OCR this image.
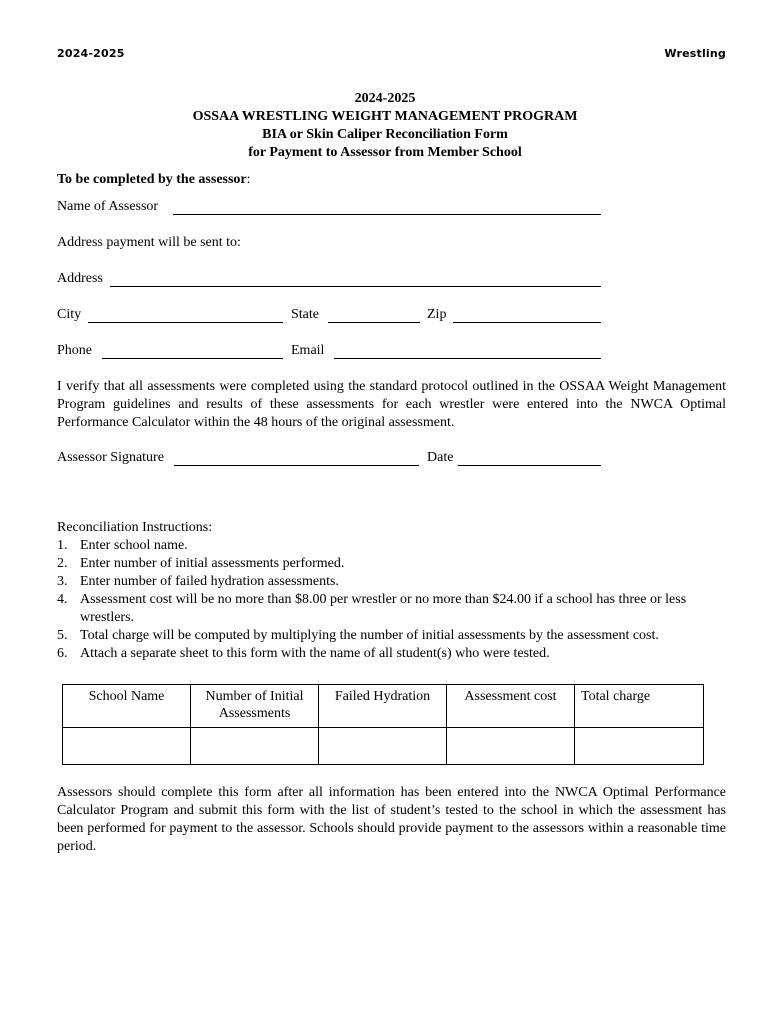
2024-2025	Wrestling
2024-2025
OSSAA WRESTLING WEIGHT MANAGEMENT PROGRAM
BIA or Skin Caliper Reconciliation Form
for Payment to Assessor from Member School
To be completed by the assessor:
Name of Assessor
Address payment will be sent to:
Address
City	State	Zip
Phone	Email
I verify that all assessments were completed using the standard protocol outlined in the OSSAA Weight Management Program guidelines and results of these assessments for each wrestler were entered into the NWCA Optimal Performance Calculator within the 48 hours of the original assessment.
Assessor Signature	Date
Reconciliation Instructions:
1. Enter school name.
2. Enter number of initial assessments performed.
3. Enter number of failed hydration assessments.
4. Assessment cost will be no more than $8.00 per wrestler or no more than $24.00 if a school has three or less wrestlers.
5. Total charge will be computed by multiplying the number of initial assessments by the assessment cost.
6. Attach a separate sheet to this form with the name of all student(s) who were tested.
School Name	Number of Initial Assessments	Failed Hydration	Assessment cost	Total charge

Assessors should complete this form after all information has been entered into the NWCA Optimal Performance Calculator Program and submit this form with the list of student’s tested to the school in which the assessment has been performed for payment to the assessor. Schools should provide payment to the assessors within a reasonable time period.
